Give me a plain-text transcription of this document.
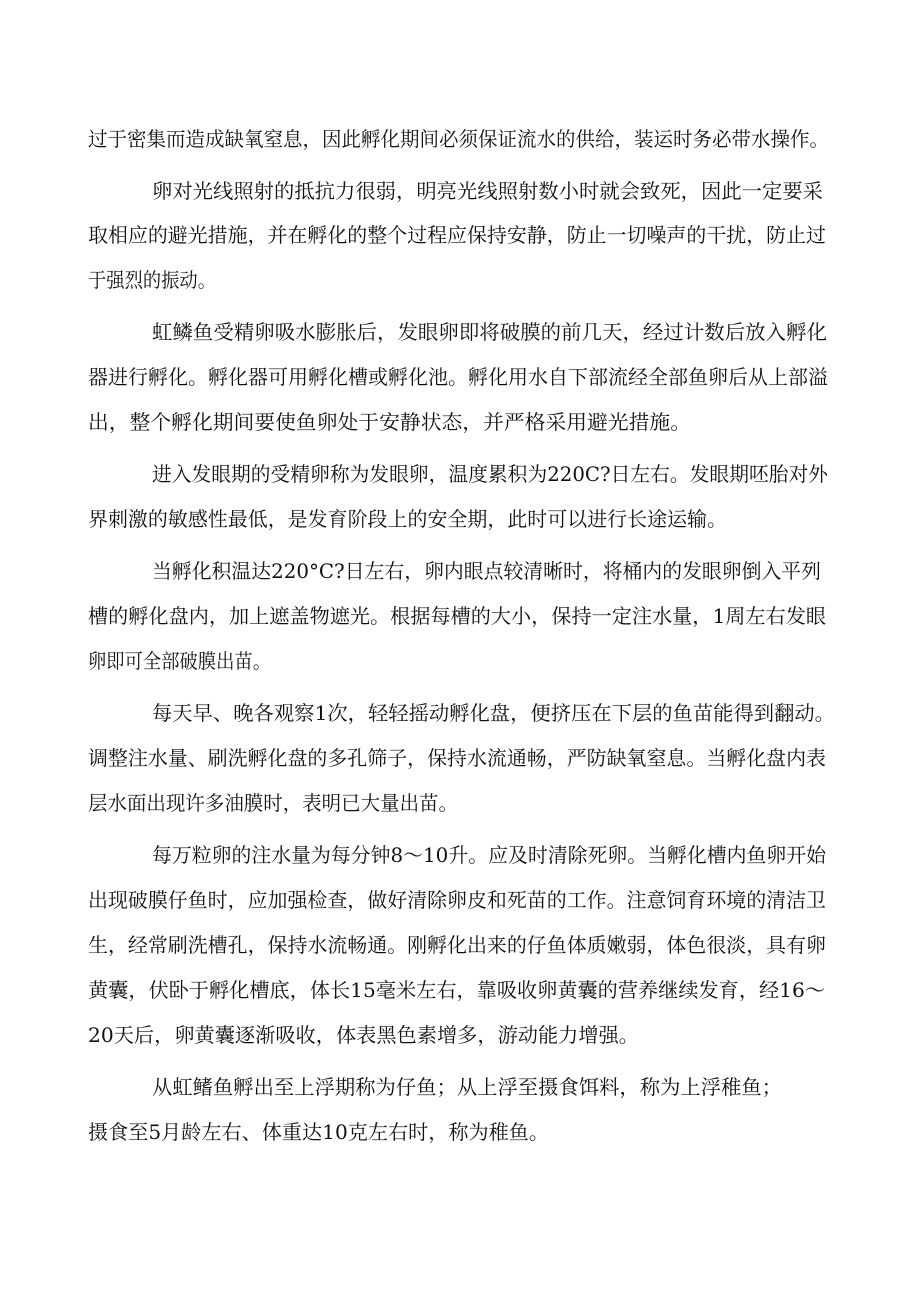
过于密集而造成缺氧窒息，因此孵化期间必须保证流水的供给，装运时务必带水操作。
卵对光线照射的抵抗力很弱，明亮光线照射数小时就会致死，因此一定要采
取相应的避光措施，并在孵化的整个过程应保持安静，防止一切噪声的干扰，防止过
于强烈的振动。
虹鳞鱼受精卵吸水膨胀后，发眼卵即将破膜的前几天，经过计数后放入孵化
器进行孵化。孵化器可用孵化槽或孵化池。孵化用水自下部流经全部鱼卵后从上部溢
出，整个孵化期间要使鱼卵处于安静状态，并严格采用避光措施。
进入发眼期的受精卵称为发眼卵，温度累积为220C?日左右。发眼期呸胎对外
界刺激的敏感性最低，是发育阶段上的安全期，此时可以进行长途运输。
当孵化积温达220°C?日左右，卵内眼点较清晰时，将桶内的发眼卵倒入平列
槽的孵化盘内，加上遮盖物遮光。根据每槽的大小，保持一定注水量，1周左右发眼
卵即可全部破膜出苗。
每天早、晚各观察1次，轻轻摇动孵化盘，便挤压在下层的鱼苗能得到翻动。
调整注水量、刷洗孵化盘的多孔筛子，保持水流通畅，严防缺氧窒息。当孵化盘内表
层水面出现许多油膜时，表明已大量出苗。
每万粒卵的注水量为每分钟8～10升。应及时清除死卵。当孵化槽内鱼卵开始
出现破膜仔鱼时，应加强检查，做好清除卵皮和死苗的工作。注意饲育环境的清洁卫
生，经常刷洗槽孔，保持水流畅通。刚孵化出来的仔鱼体质嫩弱，体色很淡，具有卵
黄囊，伏卧于孵化槽底，体长15毫米左右，靠吸收卵黄囊的营养继续发育，经16～
20天后，卵黄囊逐渐吸收，体表黑色素增多，游动能力增强。
从虹鳍鱼孵出至上浮期称为仔鱼；从上浮至摄食饵料，称为上浮稚鱼；
摄食至5月龄左右、体重达10克左右时，称为稚鱼。
